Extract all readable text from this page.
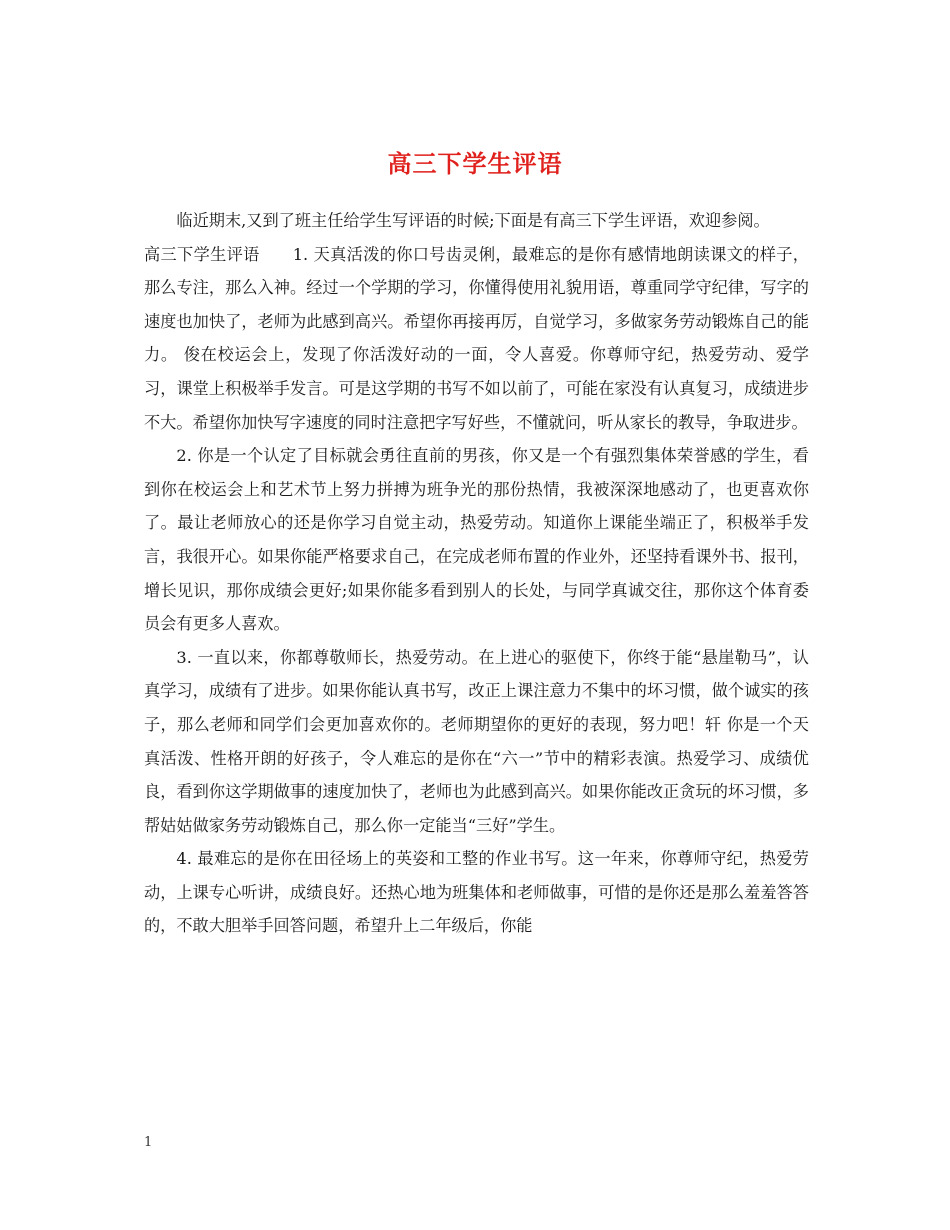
高三下学生评语

临近期末,又到了班主任给学生写评语的时候;下面是有高三下学生评语，欢迎参阅。

高三下学生评语　　1. 天真活泼的你口号齿灵俐，最难忘的是你有感情地朗读课文的样子，那么专注，那么入神。经过一个学期的学习，你懂得使用礼貌用语，尊重同学守纪律，写字的速度也加快了，老师为此感到高兴。希望你再接再厉，自觉学习，多做家务劳动锻炼自己的能力。 俊在校运会上，发现了你活泼好动的一面，令人喜爱。你尊师守纪，热爱劳动、爱学习，课堂上积极举手发言。可是这学期的书写不如以前了，可能在家没有认真复习，成绩进步不大。希望你加快写字速度的同时注意把字写好些，不懂就问，听从家长的教导，争取进步。

2. 你是一个认定了目标就会勇往直前的男孩，你又是一个有强烈集体荣誉感的学生，看到你在校运会上和艺术节上努力拼搏为班争光的那份热情，我被深深地感动了，也更喜欢你了。最让老师放心的还是你学习自觉主动，热爱劳动。知道你上课能坐端正了，积极举手发言，我很开心。如果你能严格要求自己，在完成老师布置的作业外，还坚持看课外书、报刊，增长见识，那你成绩会更好;如果你能多看到别人的长处，与同学真诚交往，那你这个体育委员会有更多人喜欢。

3. 一直以来，你都尊敬师长，热爱劳动。在上进心的驱使下，你终于能“悬崖勒马”，认真学习，成绩有了进步。如果你能认真书写，改正上课注意力不集中的坏习惯，做个诚实的孩子，那么老师和同学们会更加喜欢你的。老师期望你的更好的表现，努力吧！轩 你是一个天真活泼、性格开朗的好孩子，令人难忘的是你在“六一”节中的精彩表演。热爱学习、成绩优良，看到你这学期做事的速度加快了，老师也为此感到高兴。如果你能改正贪玩的坏习惯，多帮姑姑做家务劳动锻炼自己，那么你一定能当“三好”学生。

4. 最难忘的是你在田径场上的英姿和工整的作业书写。这一年来，你尊师守纪，热爱劳动，上课专心听讲，成绩良好。还热心地为班集体和老师做事，可惜的是你还是那么羞羞答答的，不敢大胆举手回答问题，希望升上二年级后，你能

1
